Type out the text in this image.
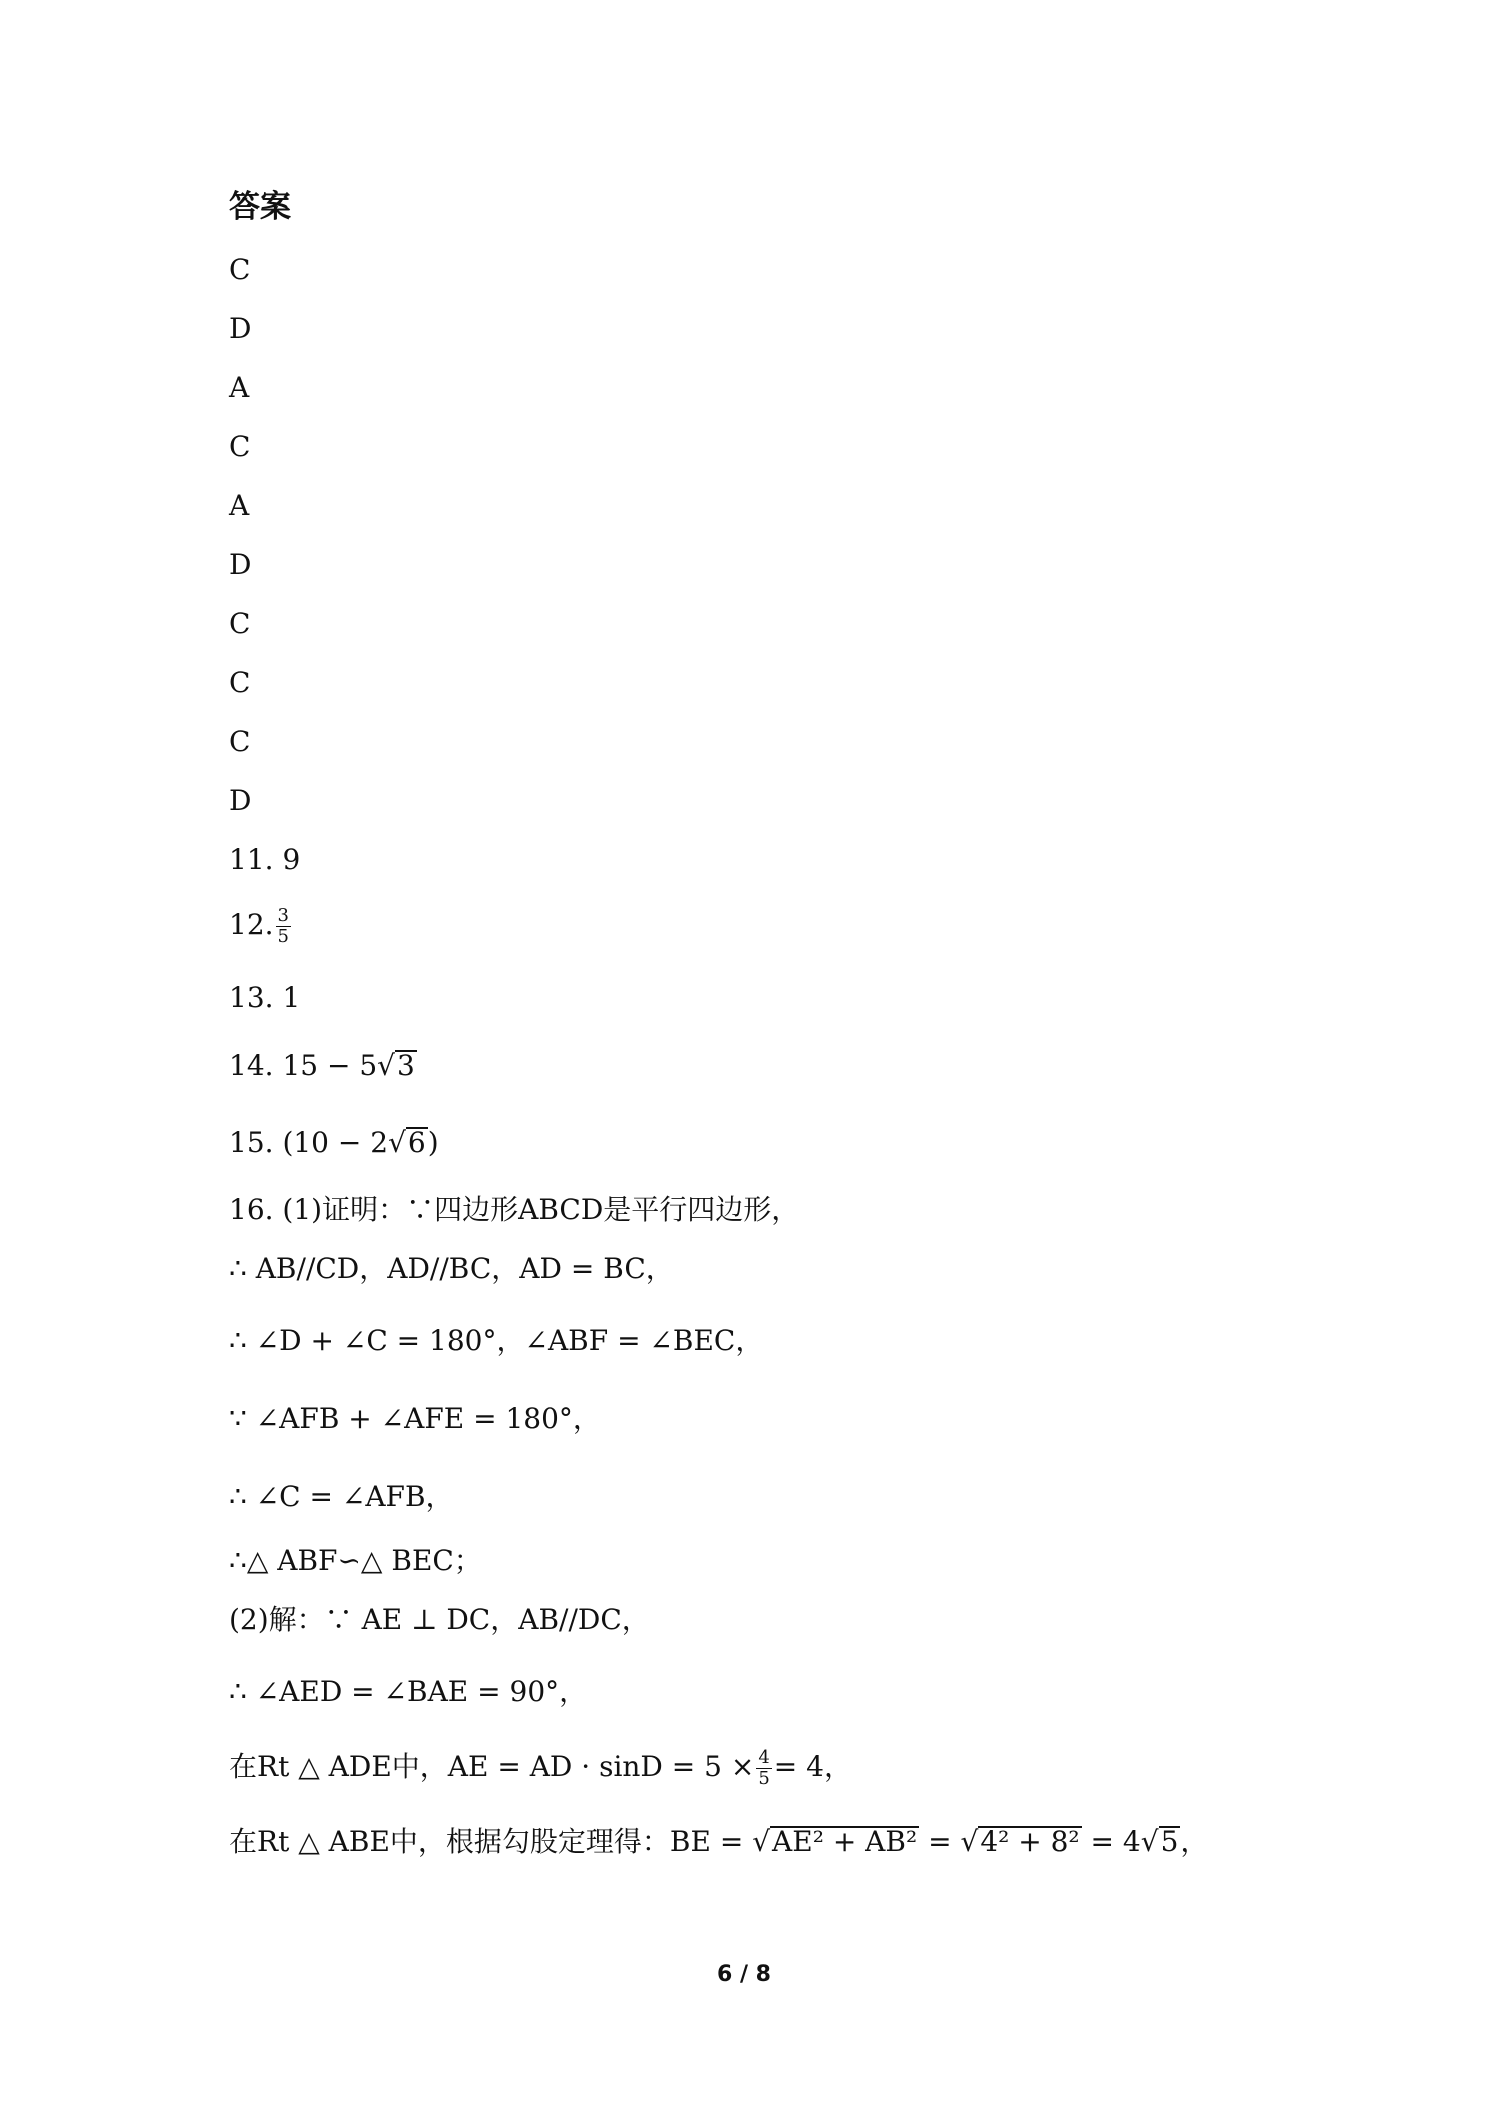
答案
C
D
A
C
A
D
C
C
C
D
11. 9
12. $\frac{3}{5}$
13. 1
14. 15 − 5√3
15. (10 − 2√6)
16. (1)证明：∵四边形ABCD是平行四边形，
∴ AB//CD，AD//BC，AD = BC，
∴ ∠D + ∠C = 180°，∠ABF = ∠BEC，
∵ ∠AFB + ∠AFE = 180°，
∴ ∠C = ∠AFB，
∴△ ABF∽△ BEC；
(2)解：∵ AE ⊥ DC，AB//DC，
∴ ∠AED = ∠BAE = 90°，
在Rt △ ADE中，AE = AD · $\sin D = 5 \times \frac{4}{5} = 4$，
在Rt △ ABE中，根据勾股定理得：BE = √AE² + AB² = √4² + 8² = 4√5，
6 / 8
